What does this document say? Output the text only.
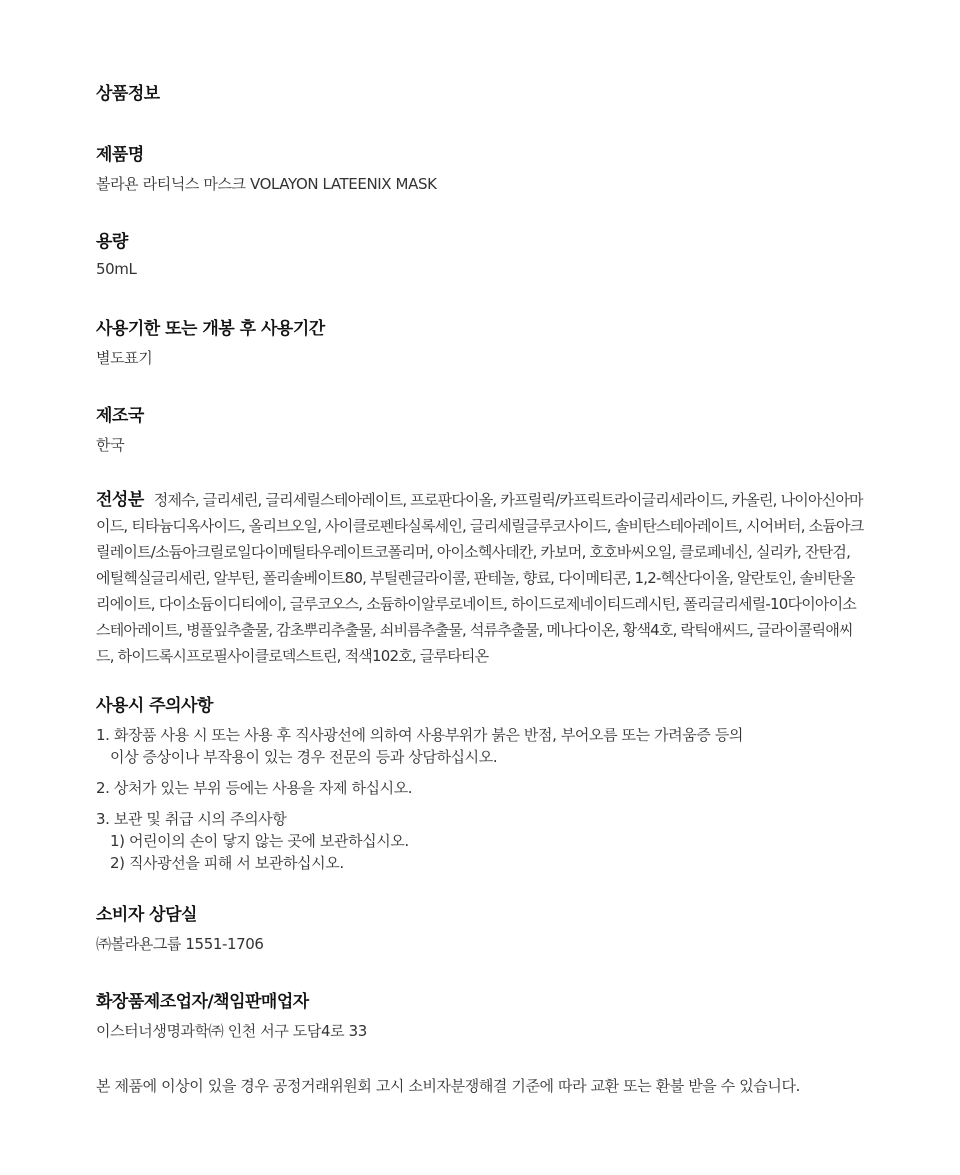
상품정보
제품명
볼라욘 라티닉스 마스크 VOLAYON LATEENIX MASK
용량
50mL
사용기한 또는 개봉 후 사용기간
별도표기
제조국
한국
전성분 정제수, 글리세린, 글리세릴스테아레이트, 프로판다이올, 카프릴릭/카프릭트라이글리세라이드, 카올린, 나이아신아마이드, 티타늄디옥사이드, 올리브오일, 사이클로펜타실록세인, 글리세릴글루코사이드, 솔비탄스테아레이트, 시어버터, 소듐아크릴레이트/소듐아크릴로일다이메틸타우레이트코폴리머, 아이소헥사데칸, 카보머, 호호바씨오일, 클로페네신, 실리카, 잔탄검, 에틸헥실글리세린, 알부틴, 폴리솔베이트80, 부틸렌글라이콜, 판테놀, 향료, 다이메티콘, 1,2-헥산다이올, 알란토인, 솔비탄올리에이트, 다이소듐이디티에이, 글루코오스, 소듐하이알루로네이트, 하이드로제네이티드레시틴, 폴리글리세릴-10다이아이소스테아레이트, 병풀잎추출물, 감초뿌리추출물, 쇠비름추출물, 석류추출물, 메나다이온, 황색4호, 락틱애씨드, 글라이콜릭애씨드, 하이드록시프로필사이클로덱스트린, 적색102호, 글루타티온
사용시 주의사항
1. 화장품 사용 시 또는 사용 후 직사광선에 의하여 사용부위가 붉은 반점, 부어오름 또는 가려움증 등의
이상 증상이나 부작용이 있는 경우 전문의 등과 상담하십시오.
2. 상처가 있는 부위 등에는 사용을 자제 하십시오.
3. 보관 및 취급 시의 주의사항
1) 어린이의 손이 닿지 않는 곳에 보관하십시오.
2) 직사광선을 피해 서 보관하십시오.
소비자 상담실
㈜볼라욘그룹 1551-1706
화장품제조업자/책임판매업자
이스터너생명과학㈜ 인천 서구 도담4로 33
본 제품에 이상이 있을 경우 공정거래위원회 고시 소비자분쟁해결 기준에 따라 교환 또는 환불 받을 수 있습니다.
